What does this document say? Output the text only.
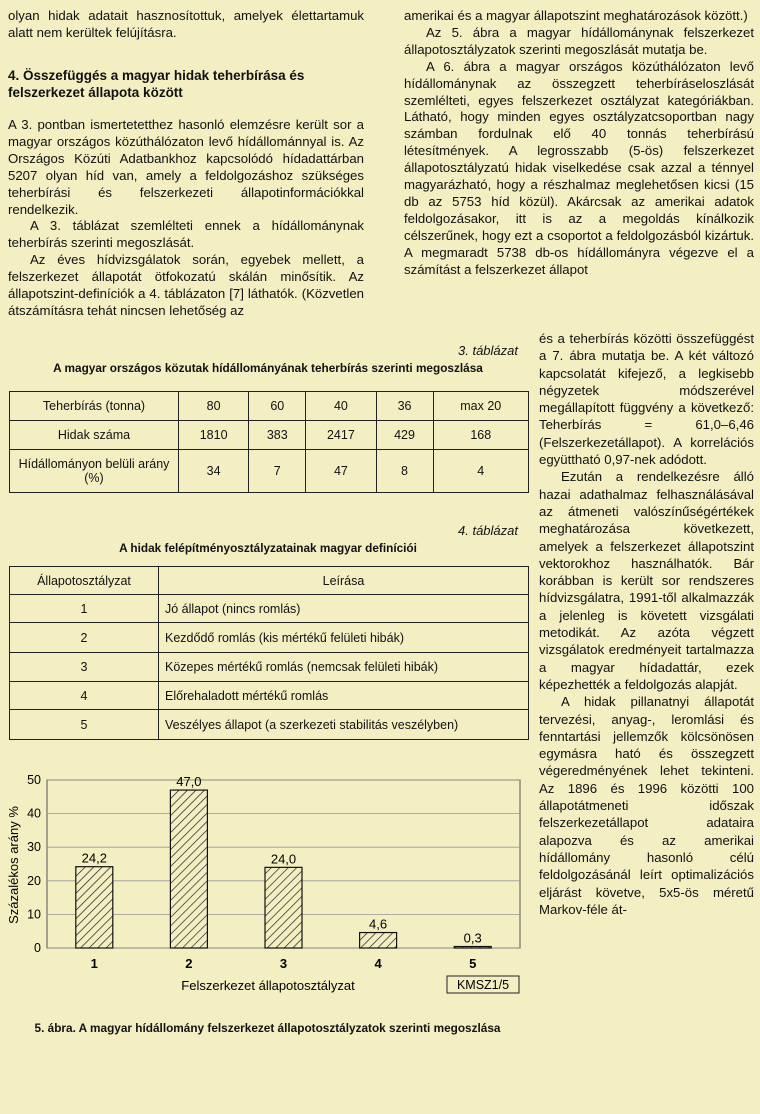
olyan hidak adatait hasznosítottuk, amelyek élettartamuk alatt nem kerültek felújításra.

4. Összefüggés a magyar hidak teherbírása és felszerkezet állapota között

A 3. pontban ismertetetthez hasonló elemzésre került sor a magyar országos közúthálózaton levő hídállománnyal is. Az Országos Közúti Adatbankhoz kapcsolódó hídadattárban 5207 olyan híd van, amely a feldolgozáshoz szükséges teherbírási és felszerkezeti állapotinformációkkal rendelkezik.

A 3. táblázat szemlélteti ennek a hídállománynak teherbírás szerinti megoszlását.

Az éves hídvizsgálatok során, egyebek mellett, a felszerkezet állapotát ötfokozatú skálán minősítik. Az állapotszint-definíciók a 4. táblázaton [7] láthatók. (Közvetlen átszámításra tehát nincsen lehetőség az

amerikai és a magyar állapotszint meghatározások között.)

Az 5. ábra a magyar hídállománynak felszerkezet állapotosztályzatok szerinti megoszlását mutatja be.

A 6. ábra a magyar országos közúthálózaton levő hídállománynak az összegzett teherbíráseloszlását szemlélteti, egyes felszerkezet osztályzat kategóriákban. Látható, hogy minden egyes osztályzatcsoportban nagy számban fordulnak elő 40 tonnás teherbírású létesítmények. A legrosszabb (5-ös) felszerkezet állapotosztályzatú hidak viselkedése csak azzal a ténnyel magyarázható, hogy a részhalmaz meglehetősen kicsi (15 db az 5753 híd közül). Akárcsak az amerikai adatok feldolgozásakor, itt is az a megoldás kínálkozik célszerűnek, hogy ezt a csoportot a feldolgozásból kizártuk. A megmaradt 5738 db-os hídállományra végezve el a számítást a felszerkezet állapot

és a teherbírás közötti összefüggést a 7. ábra mutatja be. A két változó kapcsolatát kifejező, a legkisebb négyzetek módszerével megállapított függvény a következő: Teherbírás = 61,0–6,46 (Felszerkezetállapot). A korrelációs együttható 0,97-nek adódott.

Ezután a rendelkezésre álló hazai adathalmaz felhasználásával az átmeneti valószínűségértékek meghatározása következett, amelyek a felszerkezet állapotszint vektorokhoz használhatók. Bár korábban is került sor rendszeres hídvizsgálatra, 1991-től alkalmazzák a jelenleg is követett vizsgálati metodikát. Az azóta végzett vizsgálatok eredményeit tartalmazza a magyar hídadattár, ezek képezhették a feldolgozás alapját.

A hidak pillanatnyi állapotát tervezési, anyag-, leromlási és fenntartási jellemzők kölcsönösen egymásra ható és összegzett végeredményének lehet tekinteni. Az 1896 és 1996 közötti 100 állapotátmeneti időszak felszerkezetállapot adataira alapozva és az amerikai hídállomány hasonló célú feldolgozásánál leírt optimalizációs eljárást követve, 5x5-ös méretű Markov-féle át-

3. táblázat
A magyar országos közutak hídállományának teherbírás szerinti megoszlása
Teherbírás (tonna)	80	60	40	36	max 20
Hidak száma	1810	383	2417	429	168
Hídállományon belüli arány (%)	34	7	47	8	4
4. táblázat
A hidak felépítményosztályzatainak magyar definíciói
Állapotosztályzat	Leírása
1	Jó állapot (nincs romlás)
2	Kezdődő romlás (kis mértékű felületi hibák)
3	Közepes mértékű romlás (nemcsak felületi hibák)
4	Előrehaladott mértékű romlás
5	Veszélyes állapot (a szerkezeti stabilitás veszélyben)
24,2
47,0
24,0
4,6
0,3
0
10
20
30
40
50
1	2	3	4	5
Százalékos arány %
Felszerkezet állapotosztályzat	KMSZ1/5
5. ábra. A magyar hídállomány felszerkezet állapotosztályzatok szerinti megoszlása
